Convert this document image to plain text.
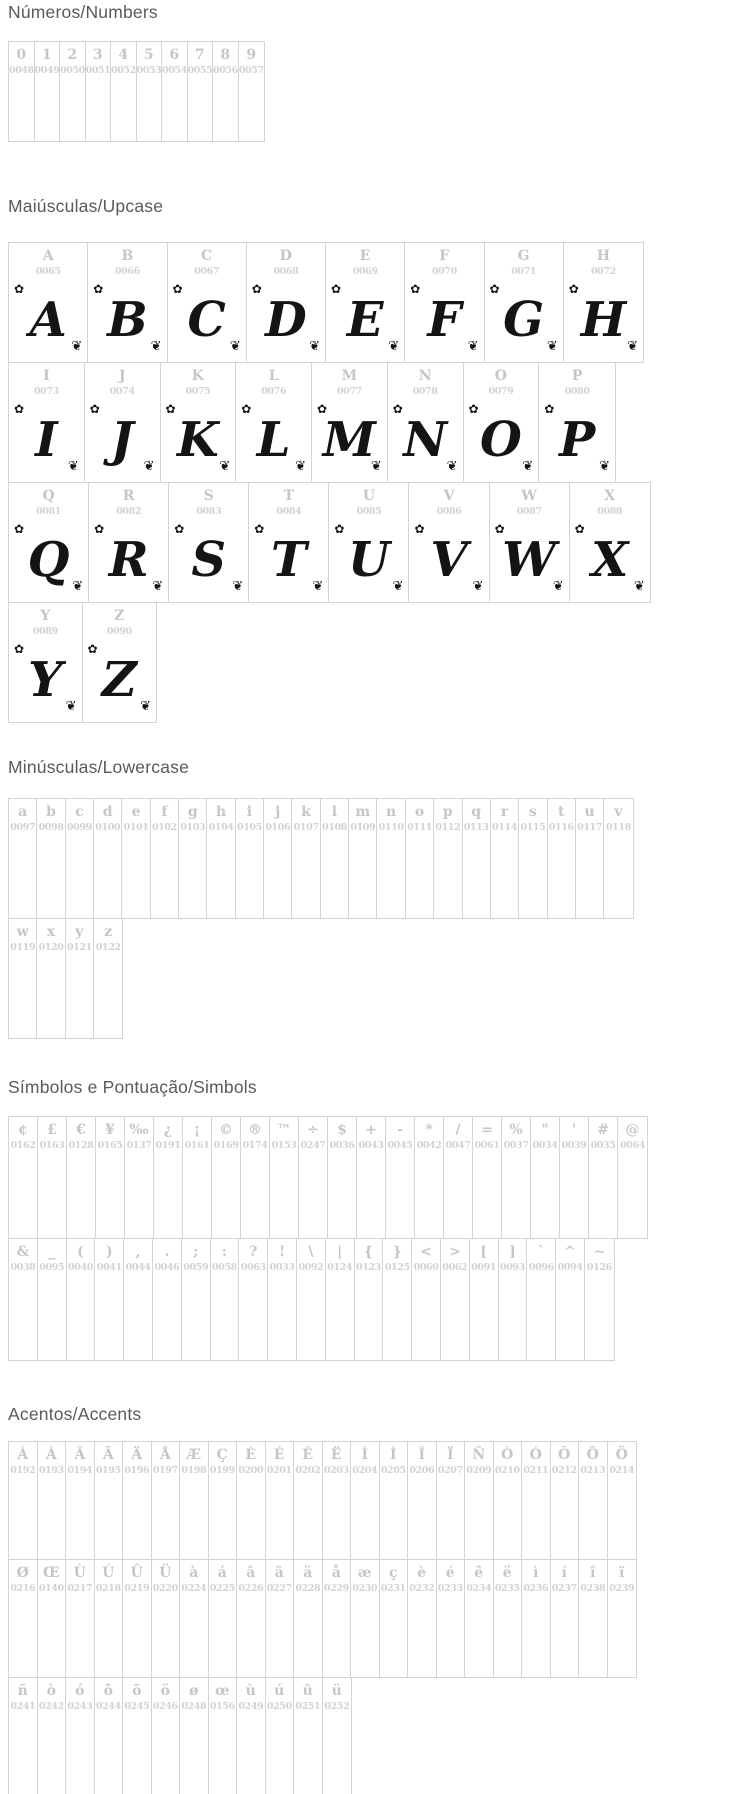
Números/Numbers
0
0048
1
0049
2
0050
3
0051
4
0052
5
0053
6
0054
7
0055
8
0056
9
0057
Maiúsculas/Upcase
A
0065
✿ A
❦
B
0066
✿ B
❦
C
0067
✿ C
❦
D
0068
✿ D
❦
E
0069
✿ E
❦
F
0070
✿ F
❦
G
0071
✿ G
❦
H
0072
✿ H
❦
I
0073
✿ I
❦
J
0074
✿ J
❦
K
0075
✿ K
❦
L
0076
✿ L
❦
M
0077
✿ M
❦
N
0078
✿ N
❦
O
0079
✿ O
❦
P
0080
✿ P
❦
Q
0081
✿ Q
❦
R
0082
✿ R
❦
S
0083
✿ S
❦
T
0084
✿ T
❦
U
0085
✿ U
❦
V
0086
✿ V
❦
W
0087
✿ W
❦
X
0088
✿ X
❦
Y
0089
✿ Y
❦
Z
0090
✿ Z
❦
Minúsculas/Lowercase
a
0097
b
0098
c
0099
d
0100
e
0101
f
0102
g
0103
h
0104
i
0105
j
0106
k
0107
l
0108
m
0109
n
0110
o
0111
p
0112
q
0113
r
0114
s
0115
t
0116
u
0117
v
0118
w
0119
x
0120
y
0121
z
0122
Símbolos e Pontuação/Simbols
¢
0162
£
0163
€
0128
¥
0165
‰
0137
¿
0191
¡
0161
©
0169
®
0174
™
0153
÷
0247
$
0036
+
0043
-
0045
*
0042
/
0047
=
0061
%
0037
"
0034
'
0039
#
0035
@
0064
&
0038
_
0095
(
0040
)
0041
,
0044
.
0046
;
0059
:
0058
?
0063
!
0033
\
0092
|
0124
{
0123
}
0125
<
0060
>
0062
[
0091
]
0093
`
0096
^
0094
~
0126
Acentos/Accents
À
0192
Á
0193
Â
0194
Ã
0195
Ä
0196
Å
0197
Æ
0198
Ç
0199
È
0200
É
0201
Ê
0202
Ë
0203
Ì
0204
Í
0205
Î
0206
Ï
0207
Ñ
0209
Ò
0210
Ó
0211
Ô
0212
Õ
0213
Ö
0214
Ø
0216
Œ
0140
Ù
0217
Ú
0218
Û
0219
Ü
0220
à
0224
á
0225
â
0226
ã
0227
ä
0228
å
0229
æ
0230
ç
0231
è
0232
é
0233
ê
0234
ë
0235
ì
0236
í
0237
î
0238
ï
0239
ñ
0241
ò
0242
ó
0243
ô
0244
õ
0245
ö
0246
ø
0248
œ
0156
ù
0249
ú
0250
û
0251
ü
0252
